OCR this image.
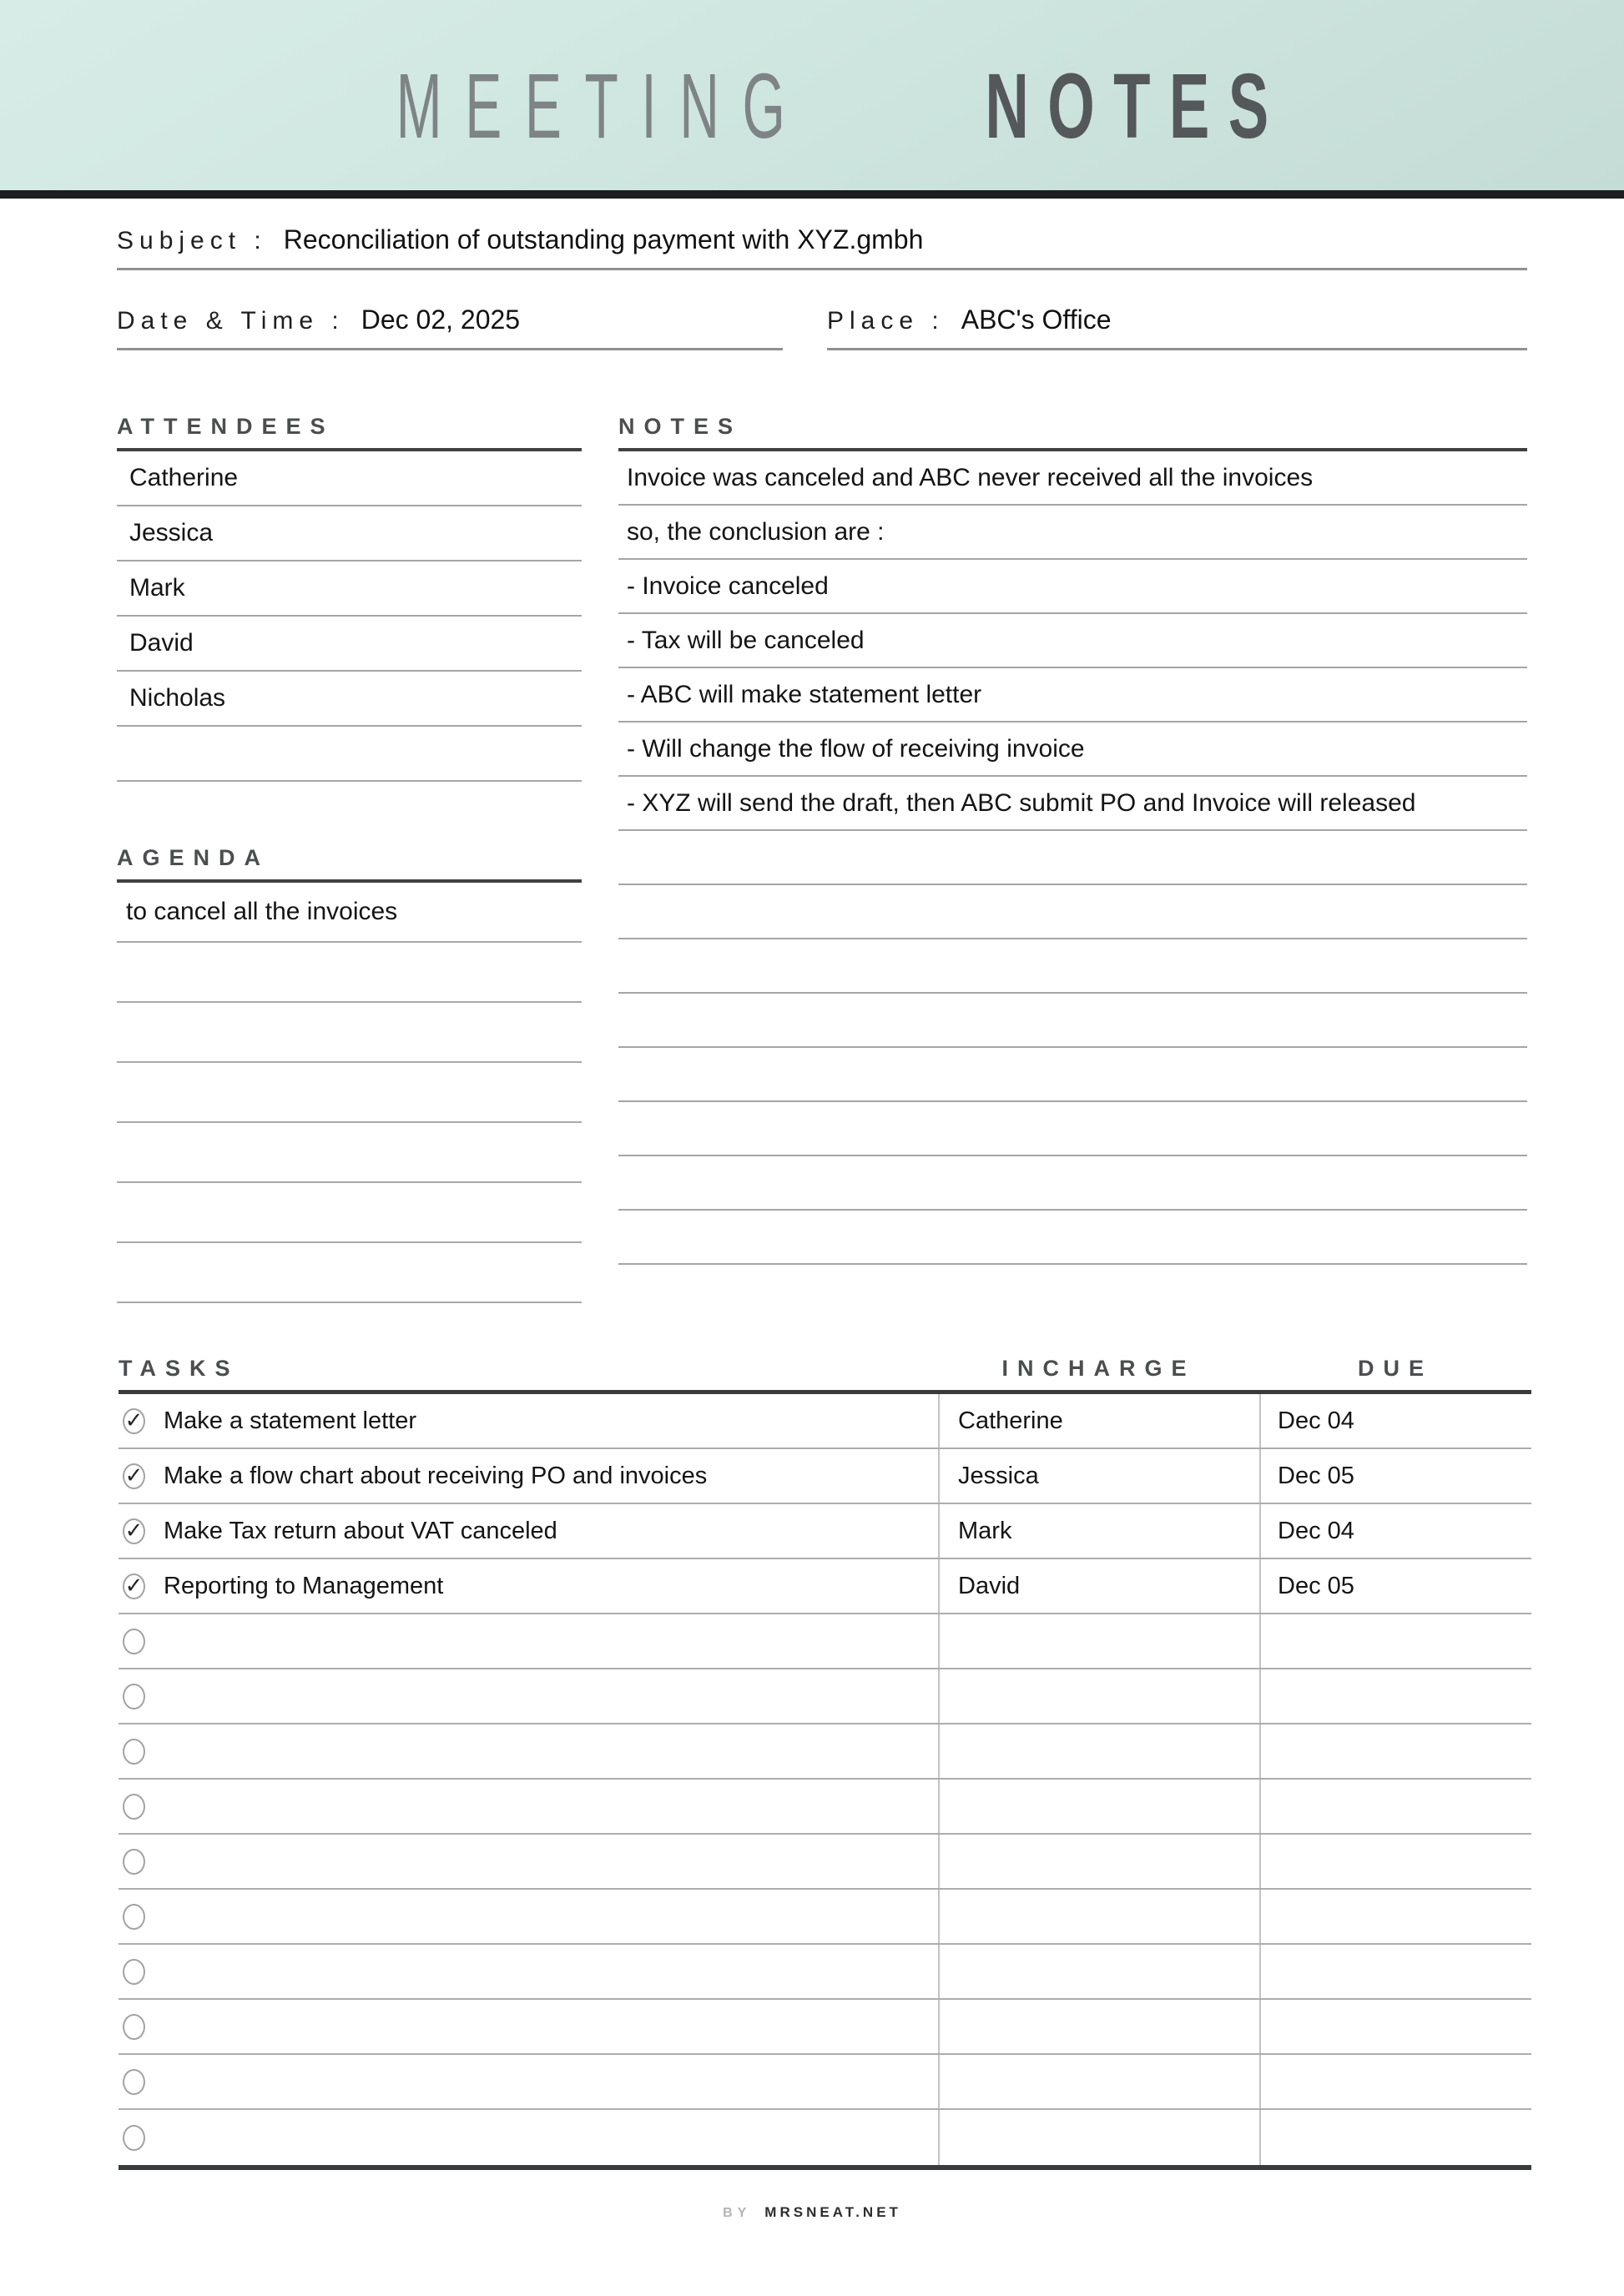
MEETING NOTES
Subject : Reconciliation of outstanding payment with XYZ.gmbh
Date & Time : Dec 02, 2025	Place : ABC's Office
ATTENDEES
Catherine
Jessica
Mark
David
Nicholas
AGENDA
to cancel all the invoices
NOTES
Invoice was canceled and ABC never received all the invoices
so, the conclusion are :
- Invoice canceled
- Tax will be canceled
- ABC will make statement letter
- Will change the flow of receiving invoice
- XYZ will send the draft, then ABC submit PO and Invoice will released
TASKS	INCHARGE	DUE
✓ Make a statement letter	Catherine	Dec 04
✓ Make a flow chart about receiving PO and invoices	Jessica	Dec 05
✓ Make Tax return about VAT canceled	Mark	Dec 04
✓ Reporting to Management	David	Dec 05
BY MRSNEAT.NET
